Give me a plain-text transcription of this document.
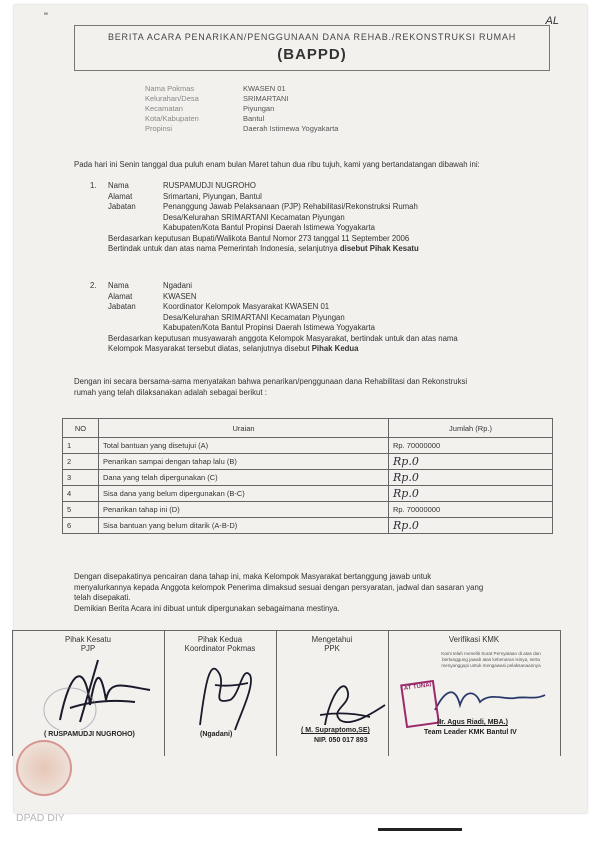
"	AL
BERITA ACARA PENARIKAN/PENGGUNAAN DANA REHAB./REKONSTRUKSI RUMAH
(BAPPD)
Nama Pokmas	KWASEN 01
Kelurahan/Desa	SRIMARTANI
Kecamatan	Piyungan
Kota/Kabupaten	Bantul
Propinsi	Daerah Istimewa Yogyakarta
Pada hari ini Senin tanggal dua puluh enam bulan Maret tahun dua ribu tujuh, kami yang bertandatangan dibawah ini:
1.	Nama	RUSPAMUDJI NUGROHO
Alamat	Srimartani, Piyungan, Bantul
Jabatan	Penanggung Jawab Pelaksanaan (PJP) Rehabilitasi/Rekonstruksi Rumah
Desa/Kelurahan SRIMARTANI Kecamatan Piyungan
Kabupaten/Kota Bantul Propinsi Daerah Istimewa Yogyakarta
Berdasarkan keputusan Bupati/Walikota Bantul Nomor 273 tanggal 11 September 2006
Bertindak untuk dan atas nama Pemerintah Indonesia, selanjutnya disebut Pihak Kesatu
2.	Nama	Ngadani
Alamat	KWASEN
Jabatan	Koordinator Kelompok Masyarakat KWASEN 01
Desa/Kelurahan SRIMARTANI Kecamatan Piyungan
Kabupaten/Kota Bantul Propinsi Daerah Istimewa Yogyakarta
Berdasarkan keputusan musyawarah anggota Kelompok Masyarakat, bertindak untuk dan atas nama
Kelompok Masyarakat tersebut diatas, selanjutnya disebut Pihak Kedua
Dengan ini secara bersama-sama menyatakan bahwa penarikan/penggunaan dana Rehabilitasi dan Rekonstruksi
rumah yang telah dilaksanakan adalah sebagai berikut :
NO	Uraian	Jumlah (Rp.)
1	Total bantuan yang disetujui (A)	Rp. 70000000
2	Penarikan sampai dengan tahap lalu (B)	Rp.0
3	Dana yang telah dipergunakan (C)	Rp.0
4	Sisa dana yang belum dipergunakan (B-C)	Rp.0
5	Penarikan tahap ini (D)	Rp. 70000000
6	Sisa bantuan yang belum ditarik (A-B-D)	Rp.0
Dengan disepakatinya pencairan dana tahap ini, maka Kelompok Masyarakat bertanggung jawab untuk
menyalurkannya kepada Anggota kelompok Penerima dimaksud sesuai dengan persyaratan, jadwal dan sasaran yang
telah disepakati.
Demikian Berita Acara ini dibuat untuk dipergunakan sebagaimana mestinya.
Pihak Kesatu
PJP
Pihak Kedua
Koordinator Pokmas
Mengetahui
PPK
Verifikasi KMK
Kami telah meneliti Surat Pernyataan di atas dan bertanggung jawab atas kebenaran isinya, serta menyanggupi untuk mengawasi pelaksanaannya
AT TUNAI
( RUSPAMUDJI NUGROHO)	(Ngadani)
( M. Supraptomo,SE)
NIP. 050 017 893
(Ir. Agus Riadi, MBA.)
Team Leader KMK Bantul IV
DPAD DIY
